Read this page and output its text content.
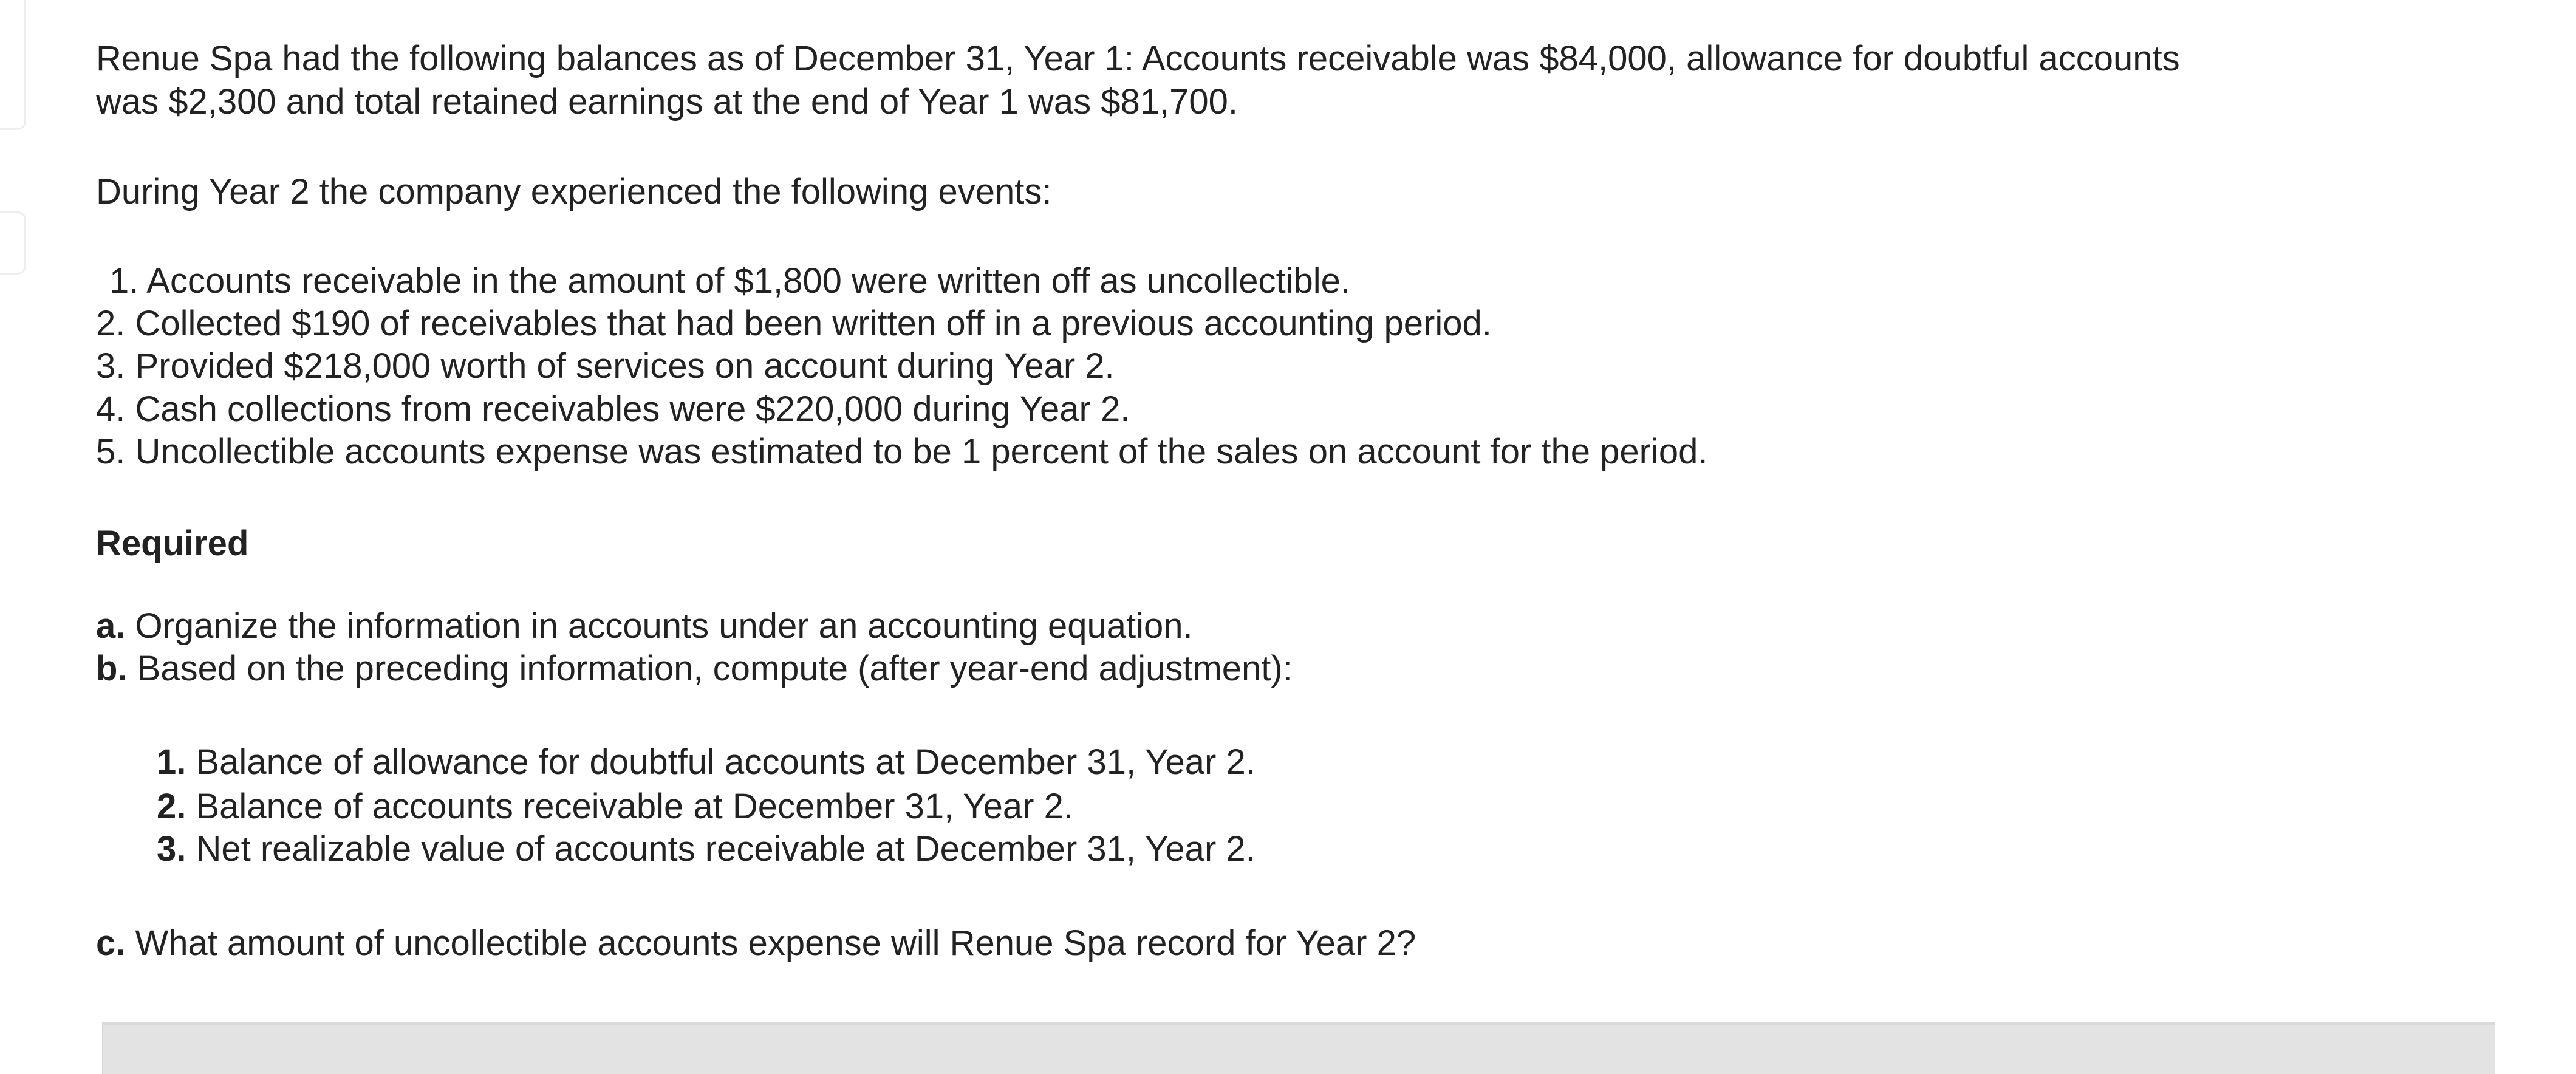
Renue Spa had the following balances as of December 31, Year 1: Accounts receivable was $84,000, allowance for doubtful accounts
was $2,300 and total retained earnings at the end of Year 1 was $81,700.
During Year 2 the company experienced the following events:
1. Accounts receivable in the amount of $1,800 were written off as uncollectible.
2. Collected $190 of receivables that had been written off in a previous accounting period.
3. Provided $218,000 worth of services on account during Year 2.
4. Cash collections from receivables were $220,000 during Year 2.
5. Uncollectible accounts expense was estimated to be 1 percent of the sales on account for the period.
Required
a. Organize the information in accounts under an accounting equation.
b. Based on the preceding information, compute (after year-end adjustment):
1. Balance of allowance for doubtful accounts at December 31, Year 2.
2. Balance of accounts receivable at December 31, Year 2.
3. Net realizable value of accounts receivable at December 31, Year 2.
c. What amount of uncollectible accounts expense will Renue Spa record for Year 2?
